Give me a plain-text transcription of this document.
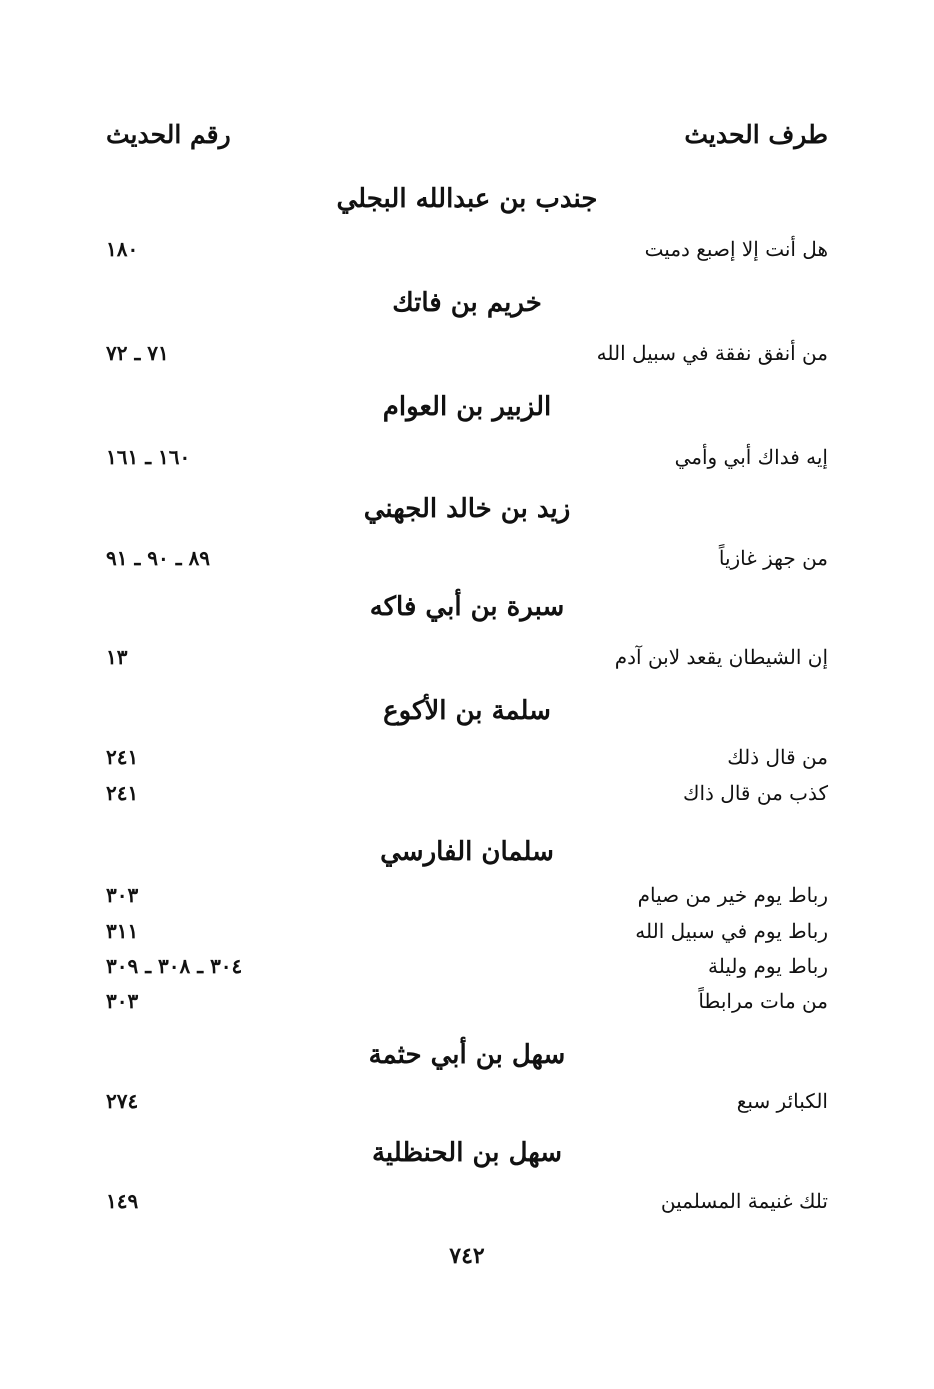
طرف الحديث
رقم الحديث
جندب بن عبدالله البجلي
هل أنت إلا إصبع دميت
١٨٠
خريم بن فاتك
من أنفق نفقة في سبيل الله
٧١ ـ ٧٢
الزبير بن العوام
إيه فداك أبي وأمي
١٦٠ ـ ١٦١
زيد بن خالد الجهني
من جهز غازياً
٨٩ ـ ٩٠ ـ ٩١
سبرة بن أبي فاكه
إن الشيطان يقعد لابن آدم
١٣
سلمة بن الأكوع
من قال ذلك
٢٤١
كذب من قال ذاك
٢٤١
سلمان الفارسي
رباط يوم خير من صيام
٣٠٣
رباط يوم في سبيل الله
٣١١
رباط يوم وليلة
٣٠٤ ـ ٣٠٨ ـ ٣٠٩
من مات مرابطاً
٣٠٣
سهل بن أبي حثمة
الكبائر سبع
٢٧٤
سهل بن الحنظلية
تلك غنيمة المسلمين
١٤٩
٧٤٢
